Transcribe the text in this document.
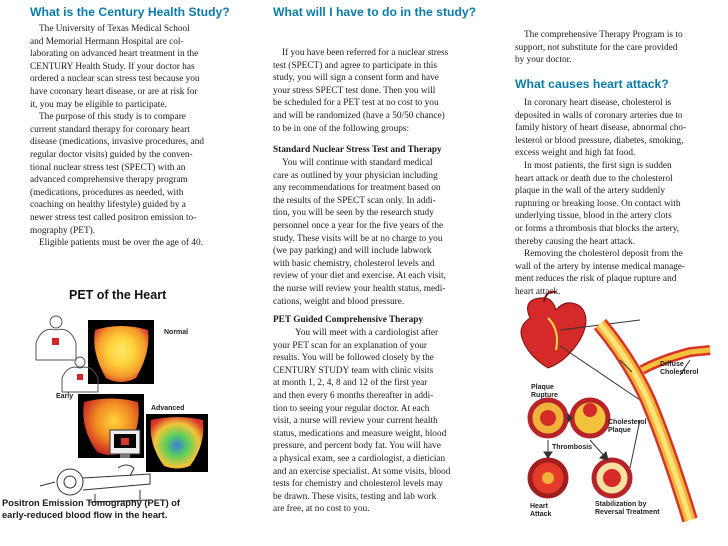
What is the Century Health Study?

The University of Texas Medical School

and Memorial Hermann Hospital are col-

laborating on advanced heart treatment in the

CENTURY Health Study. If your doctor has

ordered a nuclear scan stress test because you

have coronary heart disease, or are at risk for

it, you may be eligible to participate.

The purpose of this study is to compare

current standard therapy for coronary heart

disease (medications, invasive procedures, and

regular doctor visits) guided by the conven-

tional nuclear stress test (SPECT) with an

advanced comprehensive therapy program

(medications, procedures as needed, with

coaching on healthy lifestyle) guided by a

newer stress test called positron emission to-

mography (PET).

Eligible patients must be over the age of 40.

PET of the Heart
Normal
Early
Advanced
Positron Emission Tomography (PET) of
early-reduced blood flow in the heart.
What will I have to do in the study?

If you have been referred for a nuclear stress

test (SPECT) and agree to participate in this

study, you will sign a consent form and have

your stress SPECT test done. Then you will

be scheduled for a PET test at no cost to you

and will be randomized (have a 50/50 chance)

to be in one of the following groups:

Standard Nuclear Stress Test and Therapy

You will continue with standard medical

care as outlined by your physician including

any recommendations for treatment based on

the results of the SPECT scan only. In addi-

tion, you will be seen by the research study

personnel once a year for the five years of the

study. These visits will be at no charge to you

(we pay parking) and will include labwork

with basic chemistry, cholesterol levels and

review of your diet and exercise. At each visit,

the nurse will review your health status, medi-

cations, weight and blood pressure.

PET Guided Comprehensive Therapy

You will meet with a cardiologist after

your PET scan for an explanation of your

results. You will be followed closely by the

CENTURY STUDY team with clinic visits

at month 1, 2, 4, 8 and 12 of the first year

and then every 6 months thereafter in addi-

tion to seeing your regular doctor. At each

visit, a nurse will review your current health

status, medications and measure weight, blood

pressure, and percent body fat. You will have

a physical exam, see a cardiologist, a dietician

and an exercise specialist. At some visits, blood

tests for chemistry and cholesterol levels may

be drawn. These visits, testing and lab work

are free, at no cost to you.

The comprehensive Therapy Program is to

support, not substitute for the care provided

by your doctor.

What causes heart attack?

In coronary heart disease, cholesterol is

deposited in walls of coronary arteries due to

family history of heart disease, abnormal cho-

lesterol or blood pressure, diabetes, smoking,

excess weight and high fat food.

In most patients, the first sign is sudden

heart attack or death due to the cholesterol

plaque in the wall of the artery suddenly

rupturing or breaking loose. On contact with

underlying tissue, blood in the artery clots

or forms a thrombosis that blocks the artery,

thereby causing the heart attack.

Removing the cholesterol deposit from the

wall of the artery by intense medical manage-

ment reduces the risk of plaque rupture and

heart attack.

Diffuse
Cholesterol
Plaque
Rupture
Cholesterol
Plaque
Thrombosis
Heart
Attack
Stabilization by
Reversal Treatment
